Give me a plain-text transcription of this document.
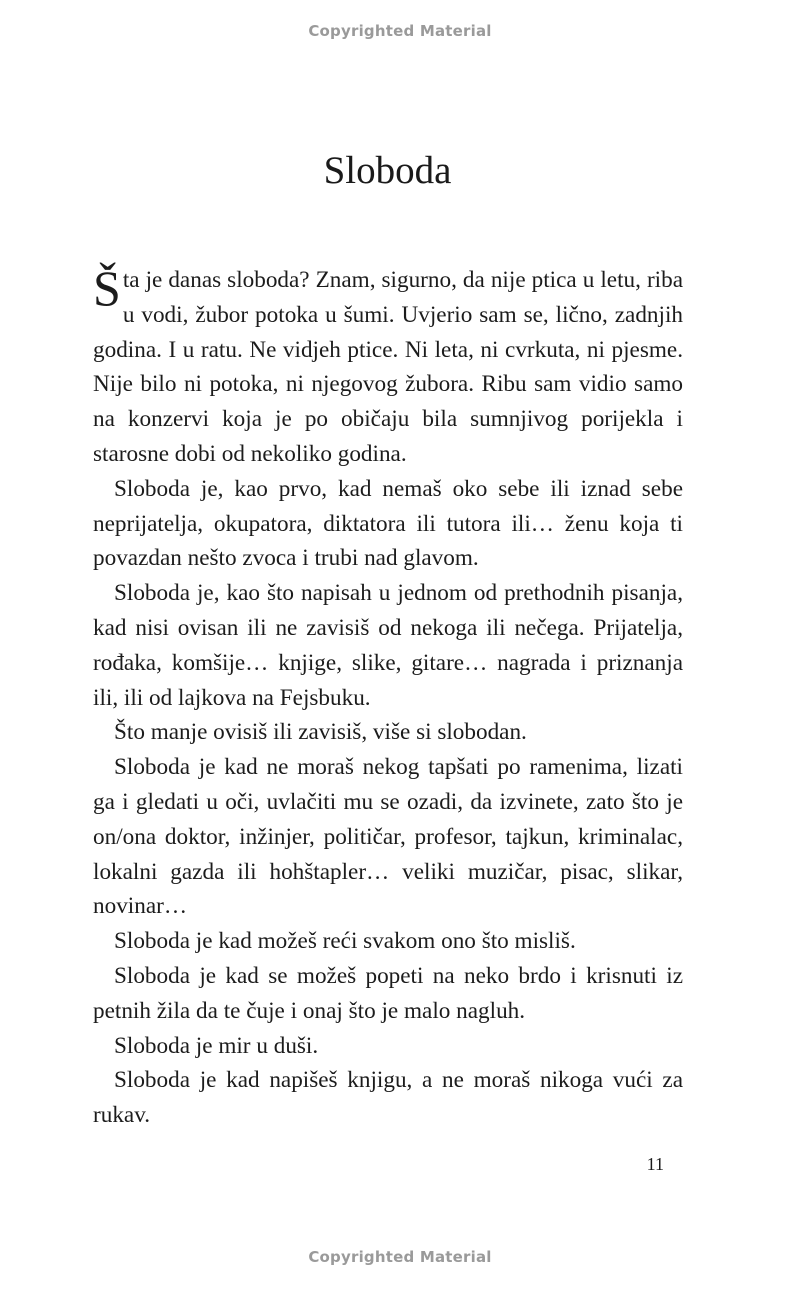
Copyrighted Material
Sloboda

Šta je danas sloboda? Znam, sigurno, da nije ptica u letu, riba u vodi, žubor potoka u šumi. Uvjerio sam se, lično, zadnjih godina. I u ratu. Ne vidjeh ptice. Ni leta, ni cvrkuta, ni pjesme. Nije bilo ni potoka, ni njegovog žubora. Ribu sam vidio samo na konzervi koja je po običaju bila sumnjivog porijekla i starosne dobi od nekoliko godina.

Sloboda je, kao prvo, kad nemaš oko sebe ili iznad sebe neprijatelja, okupatora, diktatora ili tutora ili… ženu koja ti povazdan nešto zvoca i trubi nad glavom.

Sloboda je, kao što napisah u jednom od prethodnih pisanja, kad nisi ovisan ili ne zavisiš od nekoga ili nečega. Prijatelja, rođaka, komšije… knjige, slike, gitare… nagrada i priznanja ili, ili od lajkova na Fejsbuku.

Što manje ovisiš ili zavisiš, više si slobodan.

Sloboda je kad ne moraš nekog tapšati po ramenima, lizati ga i gledati u oči, uvlačiti mu se ozadi, da izvinete, zato što je on/ona doktor, inžinjer, političar, profesor, tajkun, kriminalac, lokalni gazda ili hohštapler… veliki muzičar, pisac, slikar, novinar…

Sloboda je kad možeš reći svakom ono što misliš.

Sloboda je kad se možeš popeti na neko brdo i krisnuti iz petnih žila da te čuje i onaj što je malo nagluh.

Sloboda je mir u duši.

Sloboda je kad napišeš knjigu, a ne moraš nikoga vući za rukav.

11
Copyrighted Material
